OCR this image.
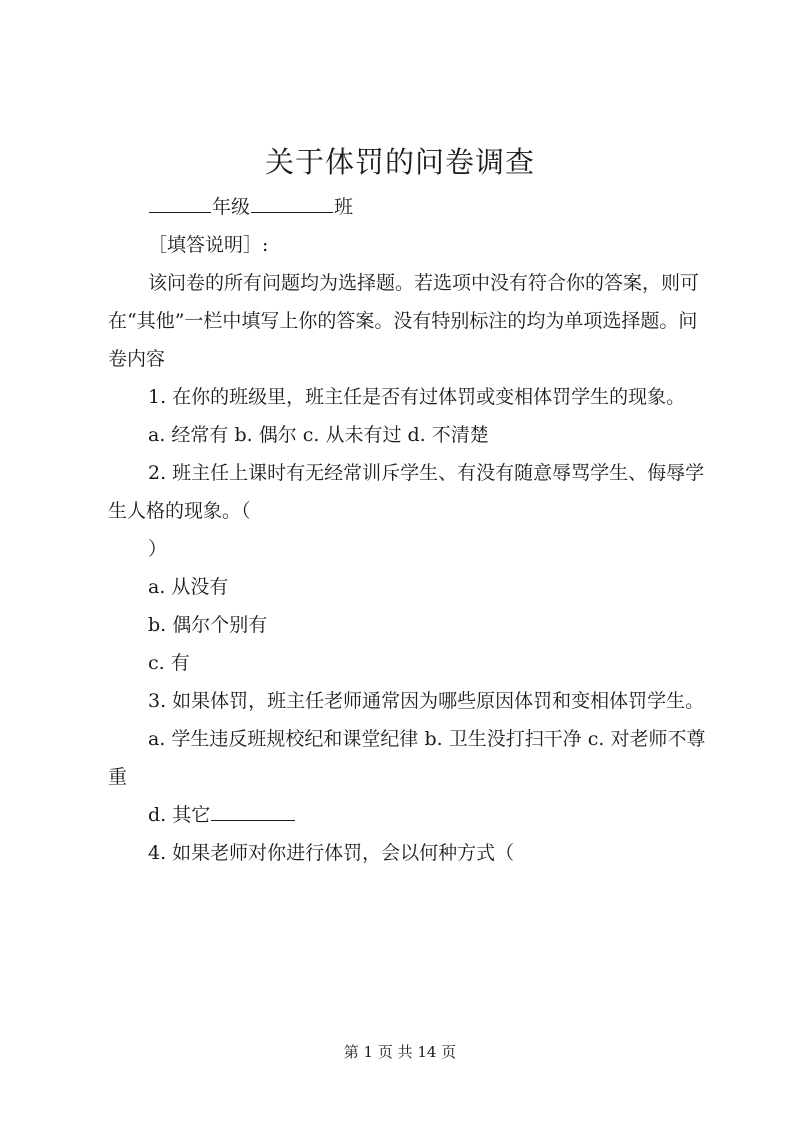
关于体罚的问卷调查

年级	班

［填答说明］:

该问卷的所有问题均为选择题。若选项中没有符合你的答案，则可在“其他”一栏中填写上你的答案。没有特别标注的均为单项选择题。问卷内容

1. 在你的班级里，班主任是否有过体罚或变相体罚学生的现象。

a. 经常有 b. 偶尔 c. 从未有过 d. 不清楚

2. 班主任上课时有无经常训斥学生、有没有随意辱骂学生、侮辱学生人格的现象。（

）

a. 从没有

b. 偶尔个别有

c. 有

3. 如果体罚，班主任老师通常因为哪些原因体罚和变相体罚学生。

a. 学生违反班规校纪和课堂纪律 b. 卫生没打扫干净 c. 对老师不尊重

d. 其它

4. 如果老师对你进行体罚，会以何种方式（

第 1 页 共 14 页
